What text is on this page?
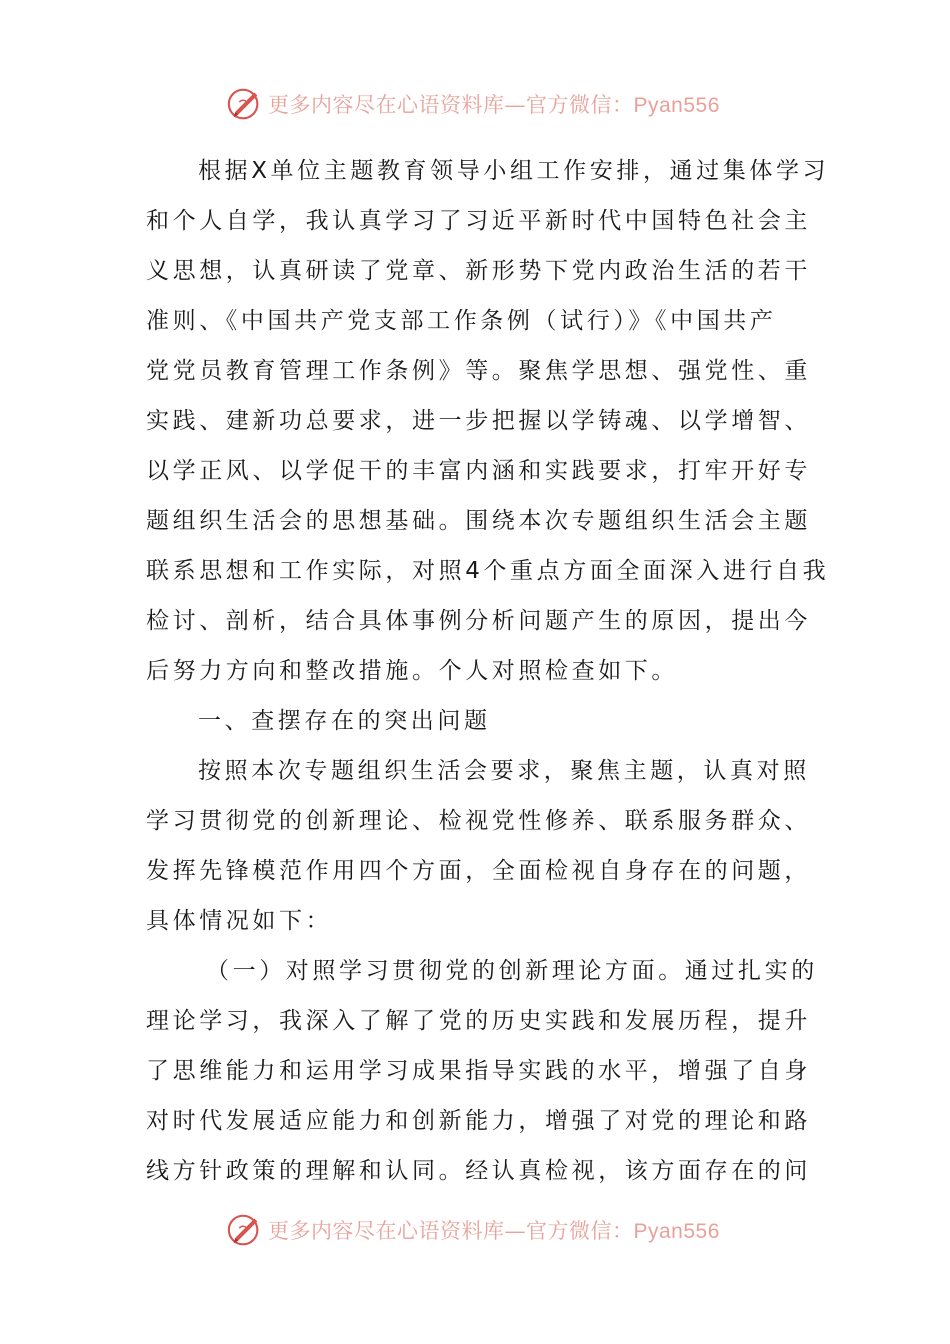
更多内容尽在心语资料库—官方微信：Pyan556
根据X单位主题教育领导小组工作安排，通过集体学习
和个人自学，我认真学习了习近平新时代中国特色社会主
义思想，认真研读了党章、新形势下党内政治生活的若干
准则、《中国共产党支部工作条例（试行）》《中国共产
党党员教育管理工作条例》等。聚焦学思想、强党性、重
实践、建新功总要求，进一步把握以学铸魂、以学增智、
以学正风、以学促干的丰富内涵和实践要求，打牢开好专
题组织生活会的思想基础。围绕本次专题组织生活会主题
联系思想和工作实际，对照4个重点方面全面深入进行自我
检讨、剖析，结合具体事例分析问题产生的原因，提出今
后努力方向和整改措施。个人对照检查如下。
一、查摆存在的突出问题
按照本次专题组织生活会要求，聚焦主题，认真对照
学习贯彻党的创新理论、检视党性修养、联系服务群众、
发挥先锋模范作用四个方面，全面检视自身存在的问题，
具体情况如下：
（一）对照学习贯彻党的创新理论方面。通过扎实的
理论学习，我深入了解了党的历史实践和发展历程，提升
了思维能力和运用学习成果指导实践的水平，增强了自身
对时代发展适应能力和创新能力，增强了对党的理论和路
线方针政策的理解和认同。经认真检视，该方面存在的问
更多内容尽在心语资料库—官方微信：Pyan556
